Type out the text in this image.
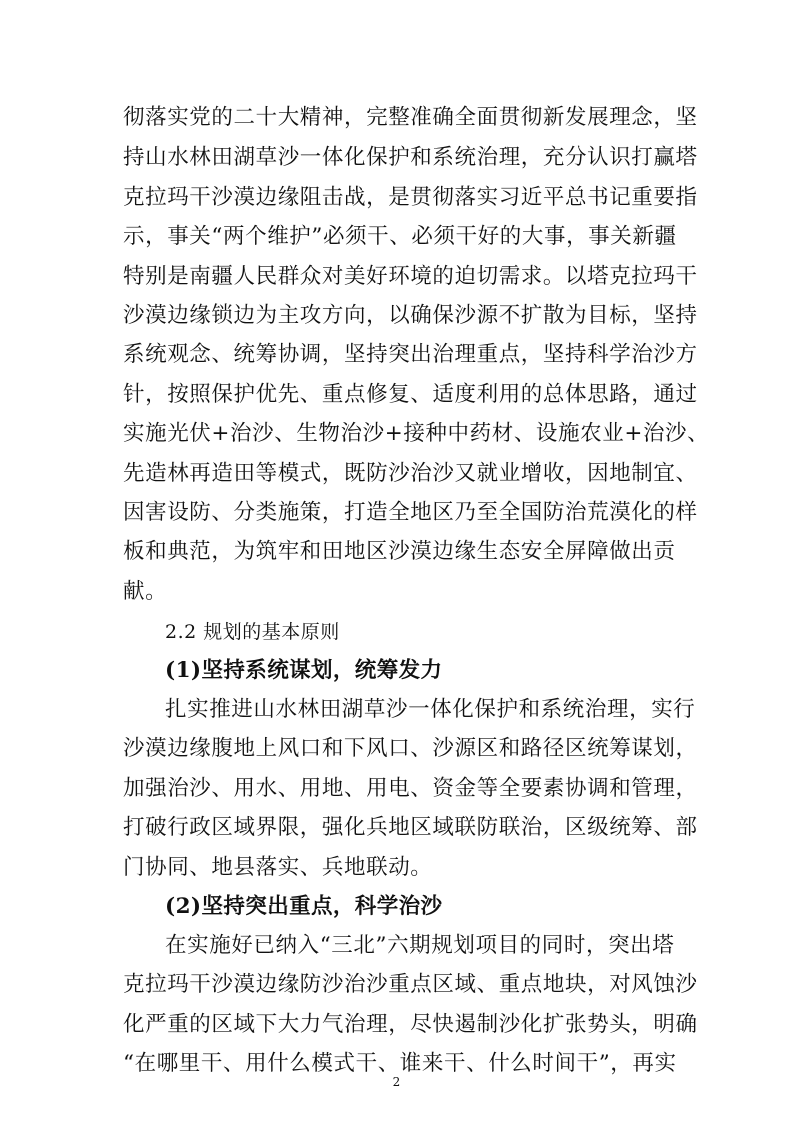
彻落实党的二十大精神，完整准确全面贯彻新发展理念，坚
持山水林田湖草沙一体化保护和系统治理，充分认识打赢塔
克拉玛干沙漠边缘阻击战，是贯彻落实习近平总书记重要指
示，事关“两个维护”必须干、必须干好的大事，事关新疆
特别是南疆人民群众对美好环境的迫切需求。以塔克拉玛干
沙漠边缘锁边为主攻方向，以确保沙源不扩散为目标，坚持
系统观念、统筹协调，坚持突出治理重点，坚持科学治沙方
针，按照保护优先、重点修复、适度利用的总体思路，通过
实施光伏+治沙、生物治沙+接种中药材、设施农业+治沙、
先造林再造田等模式，既防沙治沙又就业增收，因地制宜、
因害设防、分类施策，打造全地区乃至全国防治荒漠化的样
板和典范，为筑牢和田地区沙漠边缘生态安全屏障做出贡
献。
2.2 规划的基本原则
(1)坚持系统谋划，统筹发力
扎实推进山水林田湖草沙一体化保护和系统治理，实行
沙漠边缘腹地上风口和下风口、沙源区和路径区统筹谋划，
加强治沙、用水、用地、用电、资金等全要素协调和管理，
打破行政区域界限，强化兵地区域联防联治，区级统筹、部
门协同、地县落实、兵地联动。
(2)坚持突出重点，科学治沙
在实施好已纳入“三北”六期规划项目的同时，突出塔
克拉玛干沙漠边缘防沙治沙重点区域、重点地块，对风蚀沙
化严重的区域下大力气治理，尽快遏制沙化扩张势头，明确
“在哪里干、用什么模式干、谁来干、什么时间干”，再实
2
